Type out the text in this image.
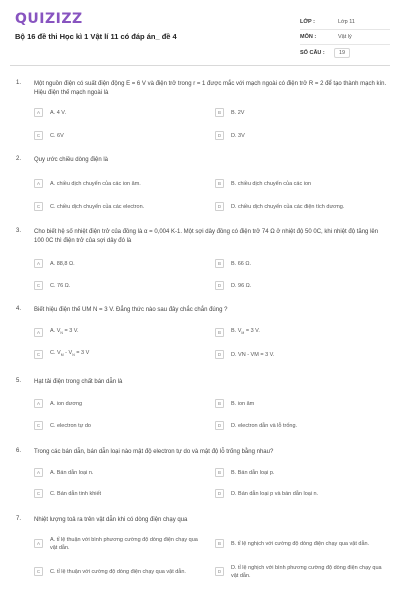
QUIZIZZ
Bộ 16 đề thi Học kì 1 Vật lí 11 có đáp án_ đề 4
LỚP :	Lớp 11
MÔN :	Vật lý
SỐ CÂU :	19
1. Một nguồn điện có suất điện động E = 6 V và điện trở trong r = 1 được mắc với mạch ngoài có điện trở R = 2 để tạo thành mạch kín. Hiệu điện thế mạch ngoài là
A	A. 4 V.	B	B. 2V
C	C. 6V	D	D. 3V
2. Quy ước chiều dòng điện là
A	A. chiều dịch chuyển của các ion âm.	B	B. chiều dịch chuyển của các ion
C	C. chiều dịch chuyển của các electron.	D	D. chiều dịch chuyển của các điện tích dương.
3. Cho biết hệ số nhiệt điện trở của đồng là α = 0,004 K-1. Một sợi dây đồng có điện trở 74 Ω ở nhiệt độ 50 0C, khi nhiệt độ tăng lên 100 0C thì điện trở của sợi dây đó là
A	A. 88,8 Ω.	B	B. 66 Ω.
C	C. 76 Ω.	D	D. 96 Ω.
4. Biết hiệu điện thế UM N = 3 V. Đẳng thức nào sau đây chắc chắn đúng ?
A	A. $V_N = 3$ V.	B	B. $V_M = 3$ V.
C	C. $V_M - V_N = 3$ V	D	D. VN - VM = 3 V.
5. Hạt tải điện trong chất bán dẫn là
A	A. ion dương	B	B. ion âm
C	C. electron tự do	D	D. electron dẫn và lỗ trống.
6. Trong các bán dẫn, bán dẫn loại nào mật độ electron tự do và mật độ lỗ trống bằng nhau?
A	A. Bán dẫn loại n.	B	B. Bán dẫn loại p.
C	C. Bán dẫn tinh khiết	D	D. Bán dẫn loại p và bán dẫn loại n.
7. Nhiệt lượng toả ra trên vật dẫn khi có dòng điện chạy qua
A
A. tỉ lệ thuận với bình phương cường độ dòng điện chạy qua vật dẫn.
B	B. tỉ lệ nghịch với cường độ dòng điện chạy qua vật dẫn.
C	C. tỉ lệ thuận với cường độ dòng điện chạy qua vật dẫn.	D
D. tỉ lệ nghịch với bình phương cường độ dòng điện chạy qua vật dẫn.
